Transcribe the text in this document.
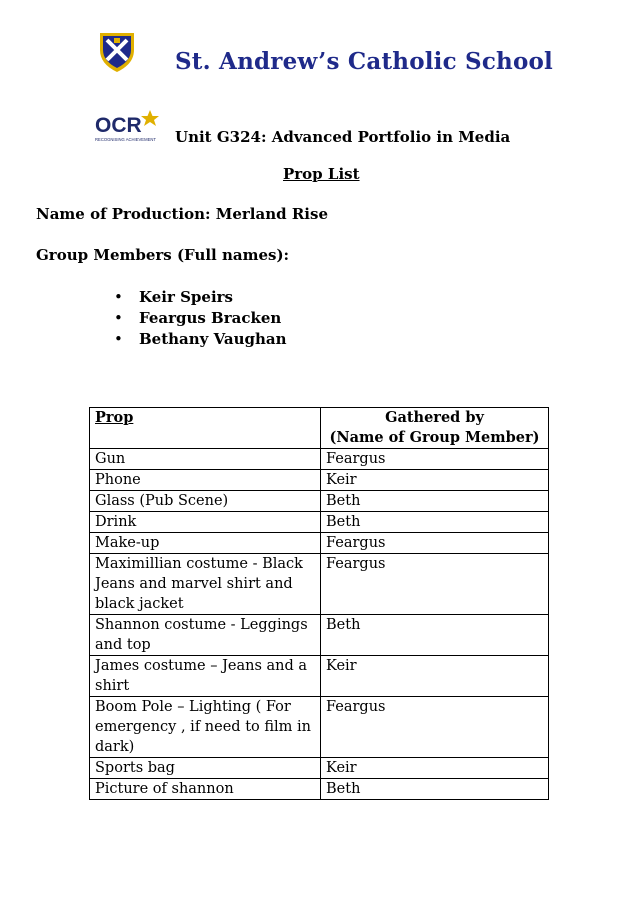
St. Andrew’s Catholic School
OCR
RECOGNISING ACHIEVEMENT Unit G324: Advanced Portfolio in Media
Prop List
Name of Production: Merland Rise
Group Members (Full names):
• Keir Speirs
• Feargus Bracken
• Bethany Vaughan
Prop	Gathered by
(Name of Group Member)

Gun	Feargus
Phone	Keir
Glass (Pub Scene)	Beth
Drink	Beth
Make-up	Feargus
Maximillian costume - Black Jeans and marvel shirt and black jacket	Feargus
Shannon costume - Leggings and top	Beth
James costume – Jeans and a shirt	Keir
Boom Pole – Lighting ( For emergency , if need to film in dark)	Feargus
Sports bag	Keir
Picture of shannon	Beth
